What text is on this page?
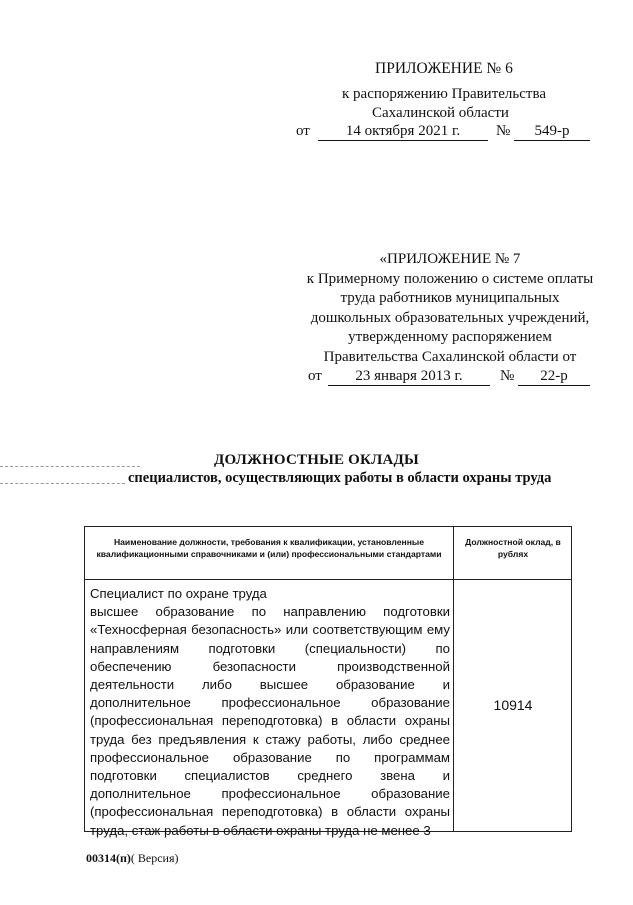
ПРИЛОЖЕНИЕ № 6
к распоряжению Правительства
Сахалинской области
от	14 октября 2021 г.	№	549-р
«ПРИЛОЖЕНИЕ № 7
к Примерному положению о системе оплаты
труда работников муниципальных
дошкольных образовательных учреждений,
утвержденному распоряжением
Правительства Сахалинской области от
от	23 января 2013 г.	№	22-р
ДОЛЖНОСТНЫЕ ОКЛАДЫ
специалистов, осуществляющих работы в области охраны труда
Наименование должности, требования к квалификации, установленные квалификационными справочниками и (или) профессиональными стандартами
Должностной оклад, в рублях
Специалист по охране труда
высшее образование по направлению подготовки «Техносферная безопасность» или соответствующим ему направлениям подготовки (специальности) по обеспечению безопасности производственной деятельности либо высшее образование и дополнительное профессиональное образование (профессиональная переподготовка) в области охраны труда без предъявления к стажу работы, либо среднее профессиональное образование по программам подготовки специалистов среднего звена и дополнительное профессиональное образование (профессиональная переподготовка) в области охраны труда, стаж работы в области охраны труда не менее 3
10914
00314(п)( Версия)
